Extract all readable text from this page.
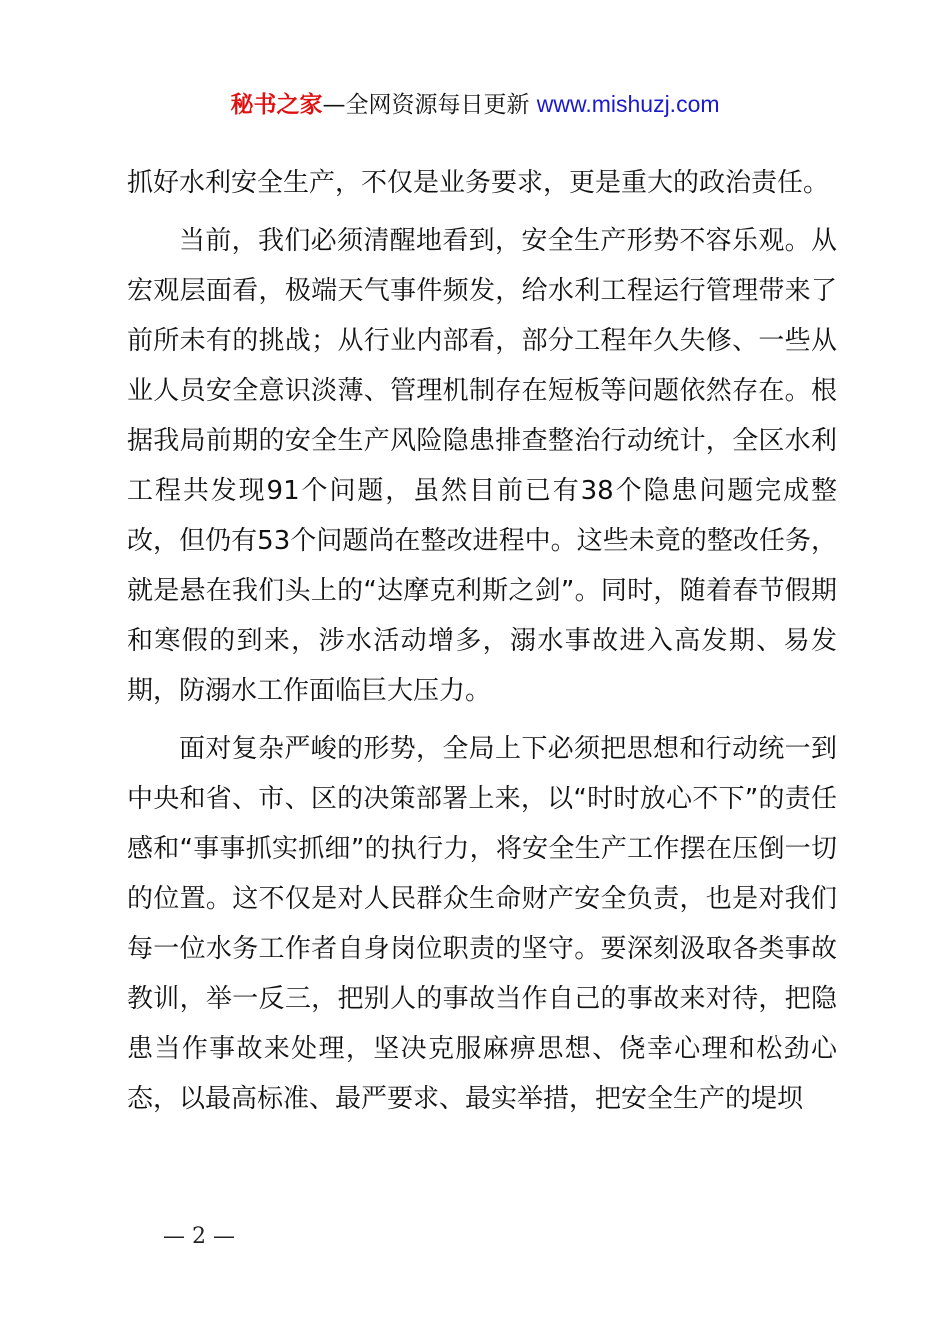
秘书之家—全网资源每日更新 www.mishuzj.com

抓好水利安全生产，不仅是业务要求，更是重大的政治责任。

当前，我们必须清醒地看到，安全生产形势不容乐观。从宏观层面看，极端天气事件频发，给水利工程运行管理带来了前所未有的挑战；从行业内部看，部分工程年久失修、一些从业人员安全意识淡薄、管理机制存在短板等问题依然存在。根据我局前期的安全生产风险隐患排查整治行动统计，全区水利工程共发现91个问题，虽然目前已有38个隐患问题完成整改，但仍有53个问题尚在整改进程中。这些未竟的整改任务，就是悬在我们头上的“达摩克利斯之剑”。同时，随着春节假期和寒假的到来，涉水活动增多，溺水事故进入高发期、易发期，防溺水工作面临巨大压力。

面对复杂严峻的形势，全局上下必须把思想和行动统一到中央和省、市、区的决策部署上来，以“时时放心不下”的责任感和“事事抓实抓细”的执行力，将安全生产工作摆在压倒一切的位置。这不仅是对人民群众生命财产安全负责，也是对我们每一位水务工作者自身岗位职责的坚守。要深刻汲取各类事故教训，举一反三，把别人的事故当作自己的事故来对待，把隐患当作事故来处理，坚决克服麻痹思想、侥幸心理和松劲心态，以最高标准、最严要求、最实举措，把安全生产的堤坝

— 2 —
